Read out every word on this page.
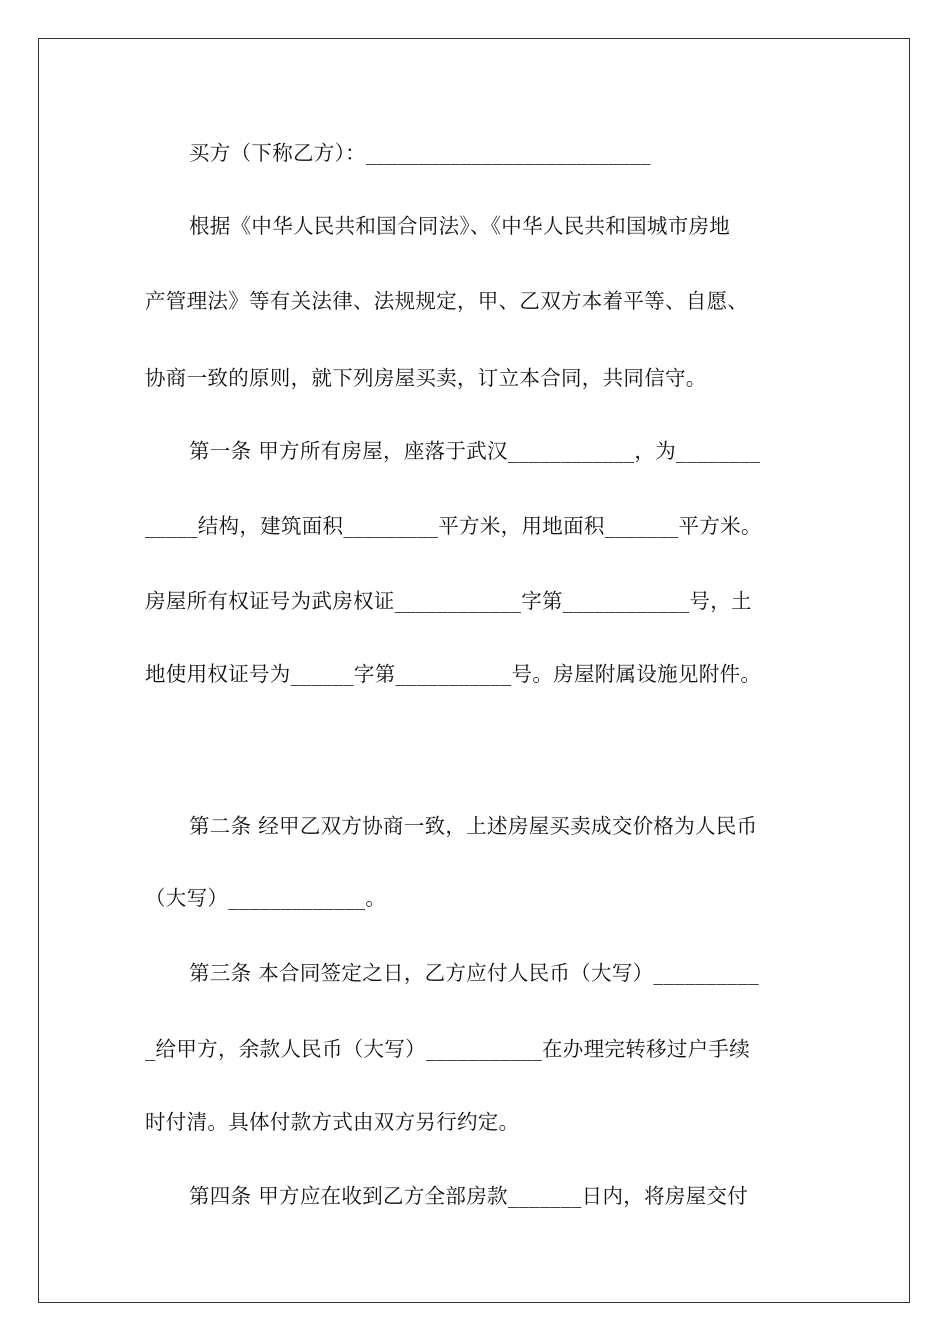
买方（下称乙方）：___________________________
根据《中华人民共和国合同法》、《中华人民共和国城市房地
产管理法》等有关法律、法规规定，甲、乙双方本着平等、自愿、
协商一致的原则，就下列房屋买卖，订立本合同，共同信守。
第一条 甲方所有房屋，座落于武汉____________，为________
_____结构，建筑面积_________平方米，用地面积_______平方米。
房屋所有权证号为武房权证____________字第____________号，土
地使用权证号为______字第___________号。房屋附属设施见附件。
第二条 经甲乙双方协商一致，上述房屋买卖成交价格为人民币
（大写）_____________。
第三条 本合同签定之日，乙方应付人民币（大写）__________
_给甲方，余款人民币（大写）___________在办理完转移过户手续
时付清。具体付款方式由双方另行约定。
第四条 甲方应在收到乙方全部房款_______日内，将房屋交付
